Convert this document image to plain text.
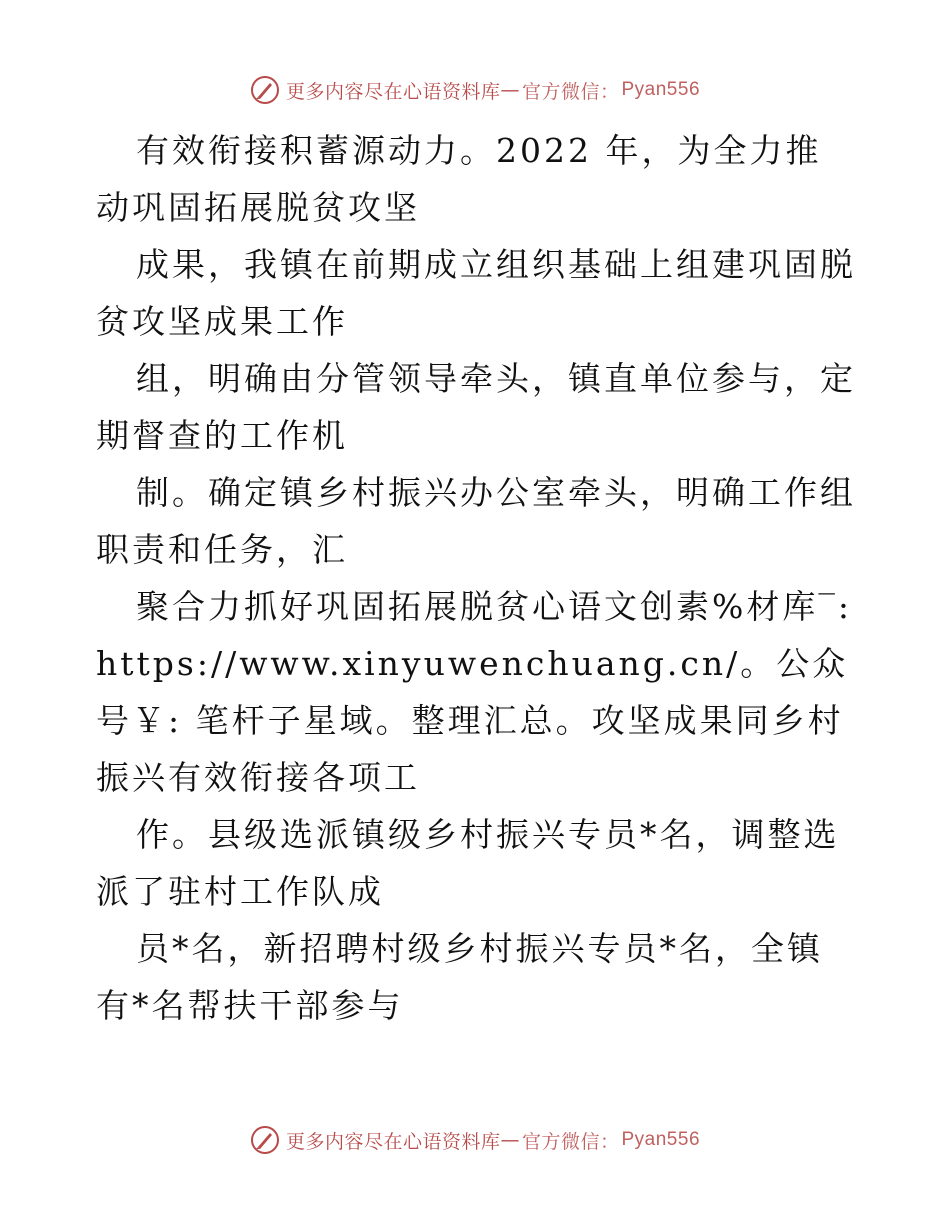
更多内容尽在心语资料库 — 官方微信： Pyan556

有效衔接积蓄源动力。2022 年，为全力推动巩固拓展脱贫攻坚

成果，我镇在前期成立组织基础上组建巩固脱贫攻坚成果工作

组，明确由分管领导牵头，镇直单位参与，定期督查的工作机

制。确定镇乡村振兴办公室牵头，明确工作组职责和任务，汇

聚合力抓好巩固拓展脱贫心语文创素%材库‾:https://www.xinyuwenchuang.cn/。公众号￥: 笔杆子星域。整理汇总。攻坚成果同乡村振兴有效衔接各项工

作。县级选派镇级乡村振兴专员*名，调整选派了驻村工作队成

员*名，新招聘村级乡村振兴专员*名，全镇有*名帮扶干部参与

更多内容尽在心语资料库 — 官方微信： Pyan556
